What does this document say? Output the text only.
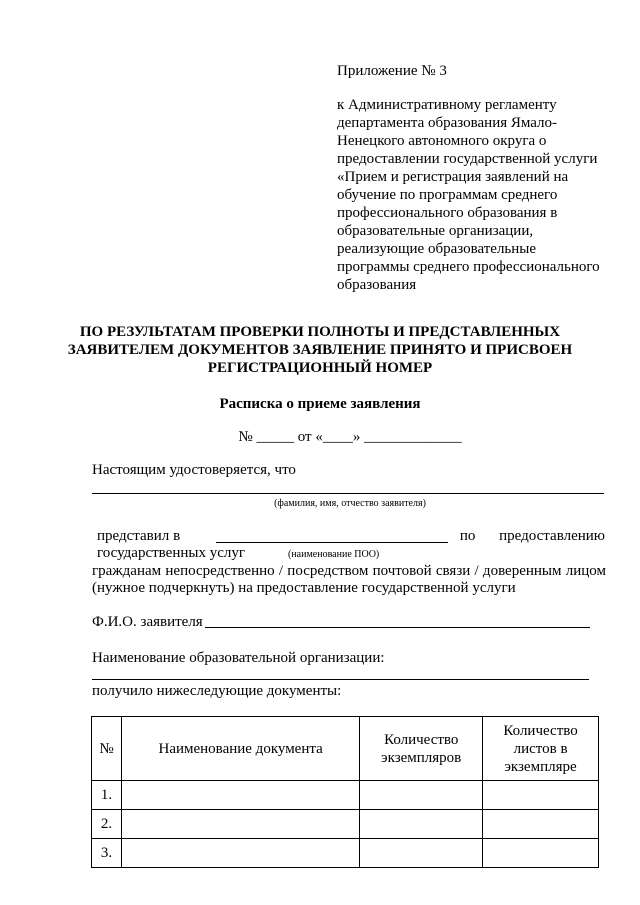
Приложение № 3
к Административному регламенту
департамента образования Ямало-
Ненецкого автономного округа о
предоставлении государственной услуги
«Прием и регистрация заявлений на
обучение по программам среднего
профессионального образования в
образовательные организации,
реализующие образовательные
программы среднего профессионального
образования
ПО РЕЗУЛЬТАТАМ ПРОВЕРКИ ПОЛНОТЫ И ПРЕДСТАВЛЕННЫХ
ЗАЯВИТЕЛЕМ ДОКУМЕНТОВ ЗАЯВЛЕНИЕ ПРИНЯТО И ПРИСВОЕН
РЕГИСТРАЦИОННЫЙ НОМЕР
Расписка о приеме заявления
№ _____ от «____» _____________
Настоящим удостоверяется, что
(фамилия, имя, отчество заявителя)
представил в	по предоставлению
государственных услуг	(наименование ПОО)
гражданам непосредственно / посредством почтовой связи / доверенным лицом
(нужное подчеркнуть) на предоставление государственной услуги
Ф.И.О. заявителя
Наименование образовательной организации:
получило нижеследующие документы:
№	Наименование документа	Количество экземпляров	Количество листов в экземпляре
1.			
2.			
3.			
